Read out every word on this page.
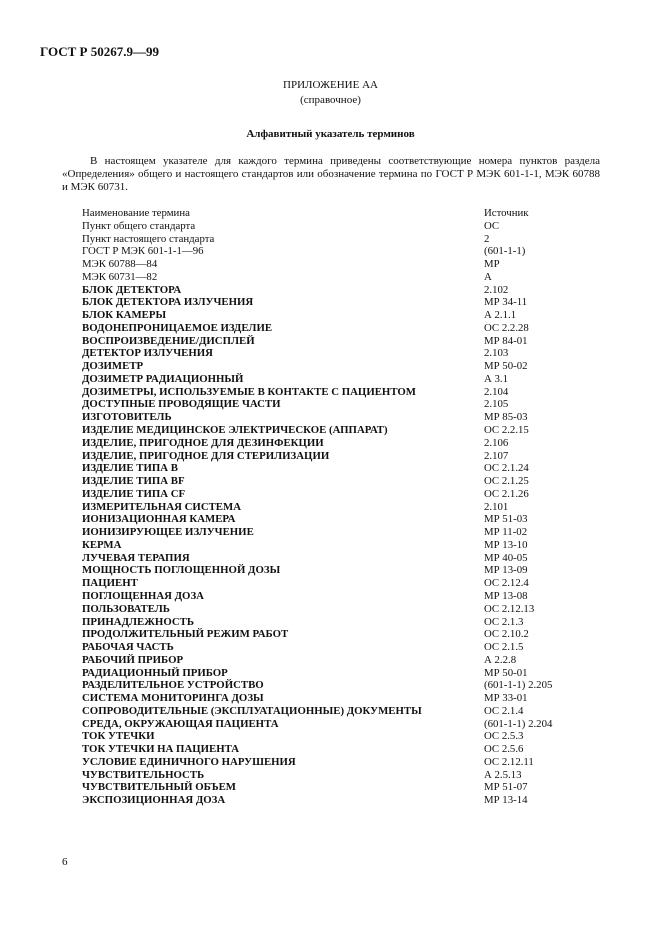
ГОСТ Р 50267.9—99
ПРИЛОЖЕНИЕ АА
(справочное)
Алфавитный указатель терминов
В настоящем указателе для каждого термина приведены соответствующие номера пунктов раздела «Определения» общего и настоящего стандартов или обозначение термина по ГОСТ Р МЭК 601-1-1, МЭК 60788 и МЭК 60731.
Наименование термина	Источник
Пункт общего стандарта	ОС
Пункт настоящего стандарта	2
ГОСТ Р МЭК 601-1-1—96	(601-1-1)
МЭК 60788—84	МР
МЭК 60731—82	А
БЛОК ДЕТЕКТОРА	2.102
БЛОК ДЕТЕКТОРА ИЗЛУЧЕНИЯ	МР 34-11
БЛОК КАМЕРЫ	А 2.1.1
ВОДОНЕПРОНИЦАЕМОЕ ИЗДЕЛИЕ	ОС 2.2.28
ВОСПРОИЗВЕДЕНИЕ/ДИСПЛЕЙ	МР 84-01
ДЕТЕКТОР ИЗЛУЧЕНИЯ	2.103
ДОЗИМЕТР	МР 50-02
ДОЗИМЕТР РАДИАЦИОННЫЙ	А 3.1
ДОЗИМЕТРЫ, ИСПОЛЬЗУЕМЫЕ В КОНТАКТЕ С ПАЦИЕНТОМ	2.104
ДОСТУПНЫЕ ПРОВОДЯЩИЕ ЧАСТИ	2.105
ИЗГОТОВИТЕЛЬ	МР 85-03
ИЗДЕЛИЕ МЕДИЦИНСКОЕ ЭЛЕКТРИЧЕСКОЕ (АППАРАТ)	ОС 2.2.15
ИЗДЕЛИЕ, ПРИГОДНОЕ ДЛЯ ДЕЗИНФЕКЦИИ	2.106
ИЗДЕЛИЕ, ПРИГОДНОЕ ДЛЯ СТЕРИЛИЗАЦИИ	2.107
ИЗДЕЛИЕ ТИПА B	ОС 2.1.24
ИЗДЕЛИЕ ТИПА BF	ОС 2.1.25
ИЗДЕЛИЕ ТИПА CF	ОС 2.1.26
ИЗМЕРИТЕЛЬНАЯ СИСТЕМА	2.101
ИОНИЗАЦИОННАЯ КАМЕРА	МР 51-03
ИОНИЗИРУЮЩЕЕ ИЗЛУЧЕНИЕ	МР 11-02
КЕРМА	МР 13-10
ЛУЧЕВАЯ ТЕРАПИЯ	МР 40-05
МОЩНОСТЬ ПОГЛОЩЕННОЙ ДОЗЫ	МР 13-09
ПАЦИЕНТ	ОС 2.12.4
ПОГЛОЩЕННАЯ ДОЗА	МР 13-08
ПОЛЬЗОВАТЕЛЬ	ОС 2.12.13
ПРИНАДЛЕЖНОСТЬ	ОС 2.1.3
ПРОДОЛЖИТЕЛЬНЫЙ РЕЖИМ РАБОТ	ОС 2.10.2
РАБОЧАЯ ЧАСТЬ	ОС 2.1.5
РАБОЧИЙ ПРИБОР	А 2.2.8
РАДИАЦИОННЫЙ ПРИБОР	МР 50-01
РАЗДЕЛИТЕЛЬНОЕ УСТРОЙСТВО	(601-1-1) 2.205
СИСТЕМА МОНИТОРИНГА ДОЗЫ	МР 33-01
СОПРОВОДИТЕЛЬНЫЕ (ЭКСПЛУАТАЦИОННЫЕ) ДОКУМЕНТЫ	ОС 2.1.4
СРЕДА, ОКРУЖАЮЩАЯ ПАЦИЕНТА	(601-1-1) 2.204
ТОК УТЕЧКИ	ОС 2.5.3
ТОК УТЕЧКИ НА ПАЦИЕНТА	ОС 2.5.6
УСЛОВИЕ ЕДИНИЧНОГО НАРУШЕНИЯ	ОС 2.12.11
ЧУВСТВИТЕЛЬНОСТЬ	А 2.5.13
ЧУВСТВИТЕЛЬНЫЙ ОБЪЕМ	МР 51-07
ЭКСПОЗИЦИОННАЯ ДОЗА	МР 13-14
6
